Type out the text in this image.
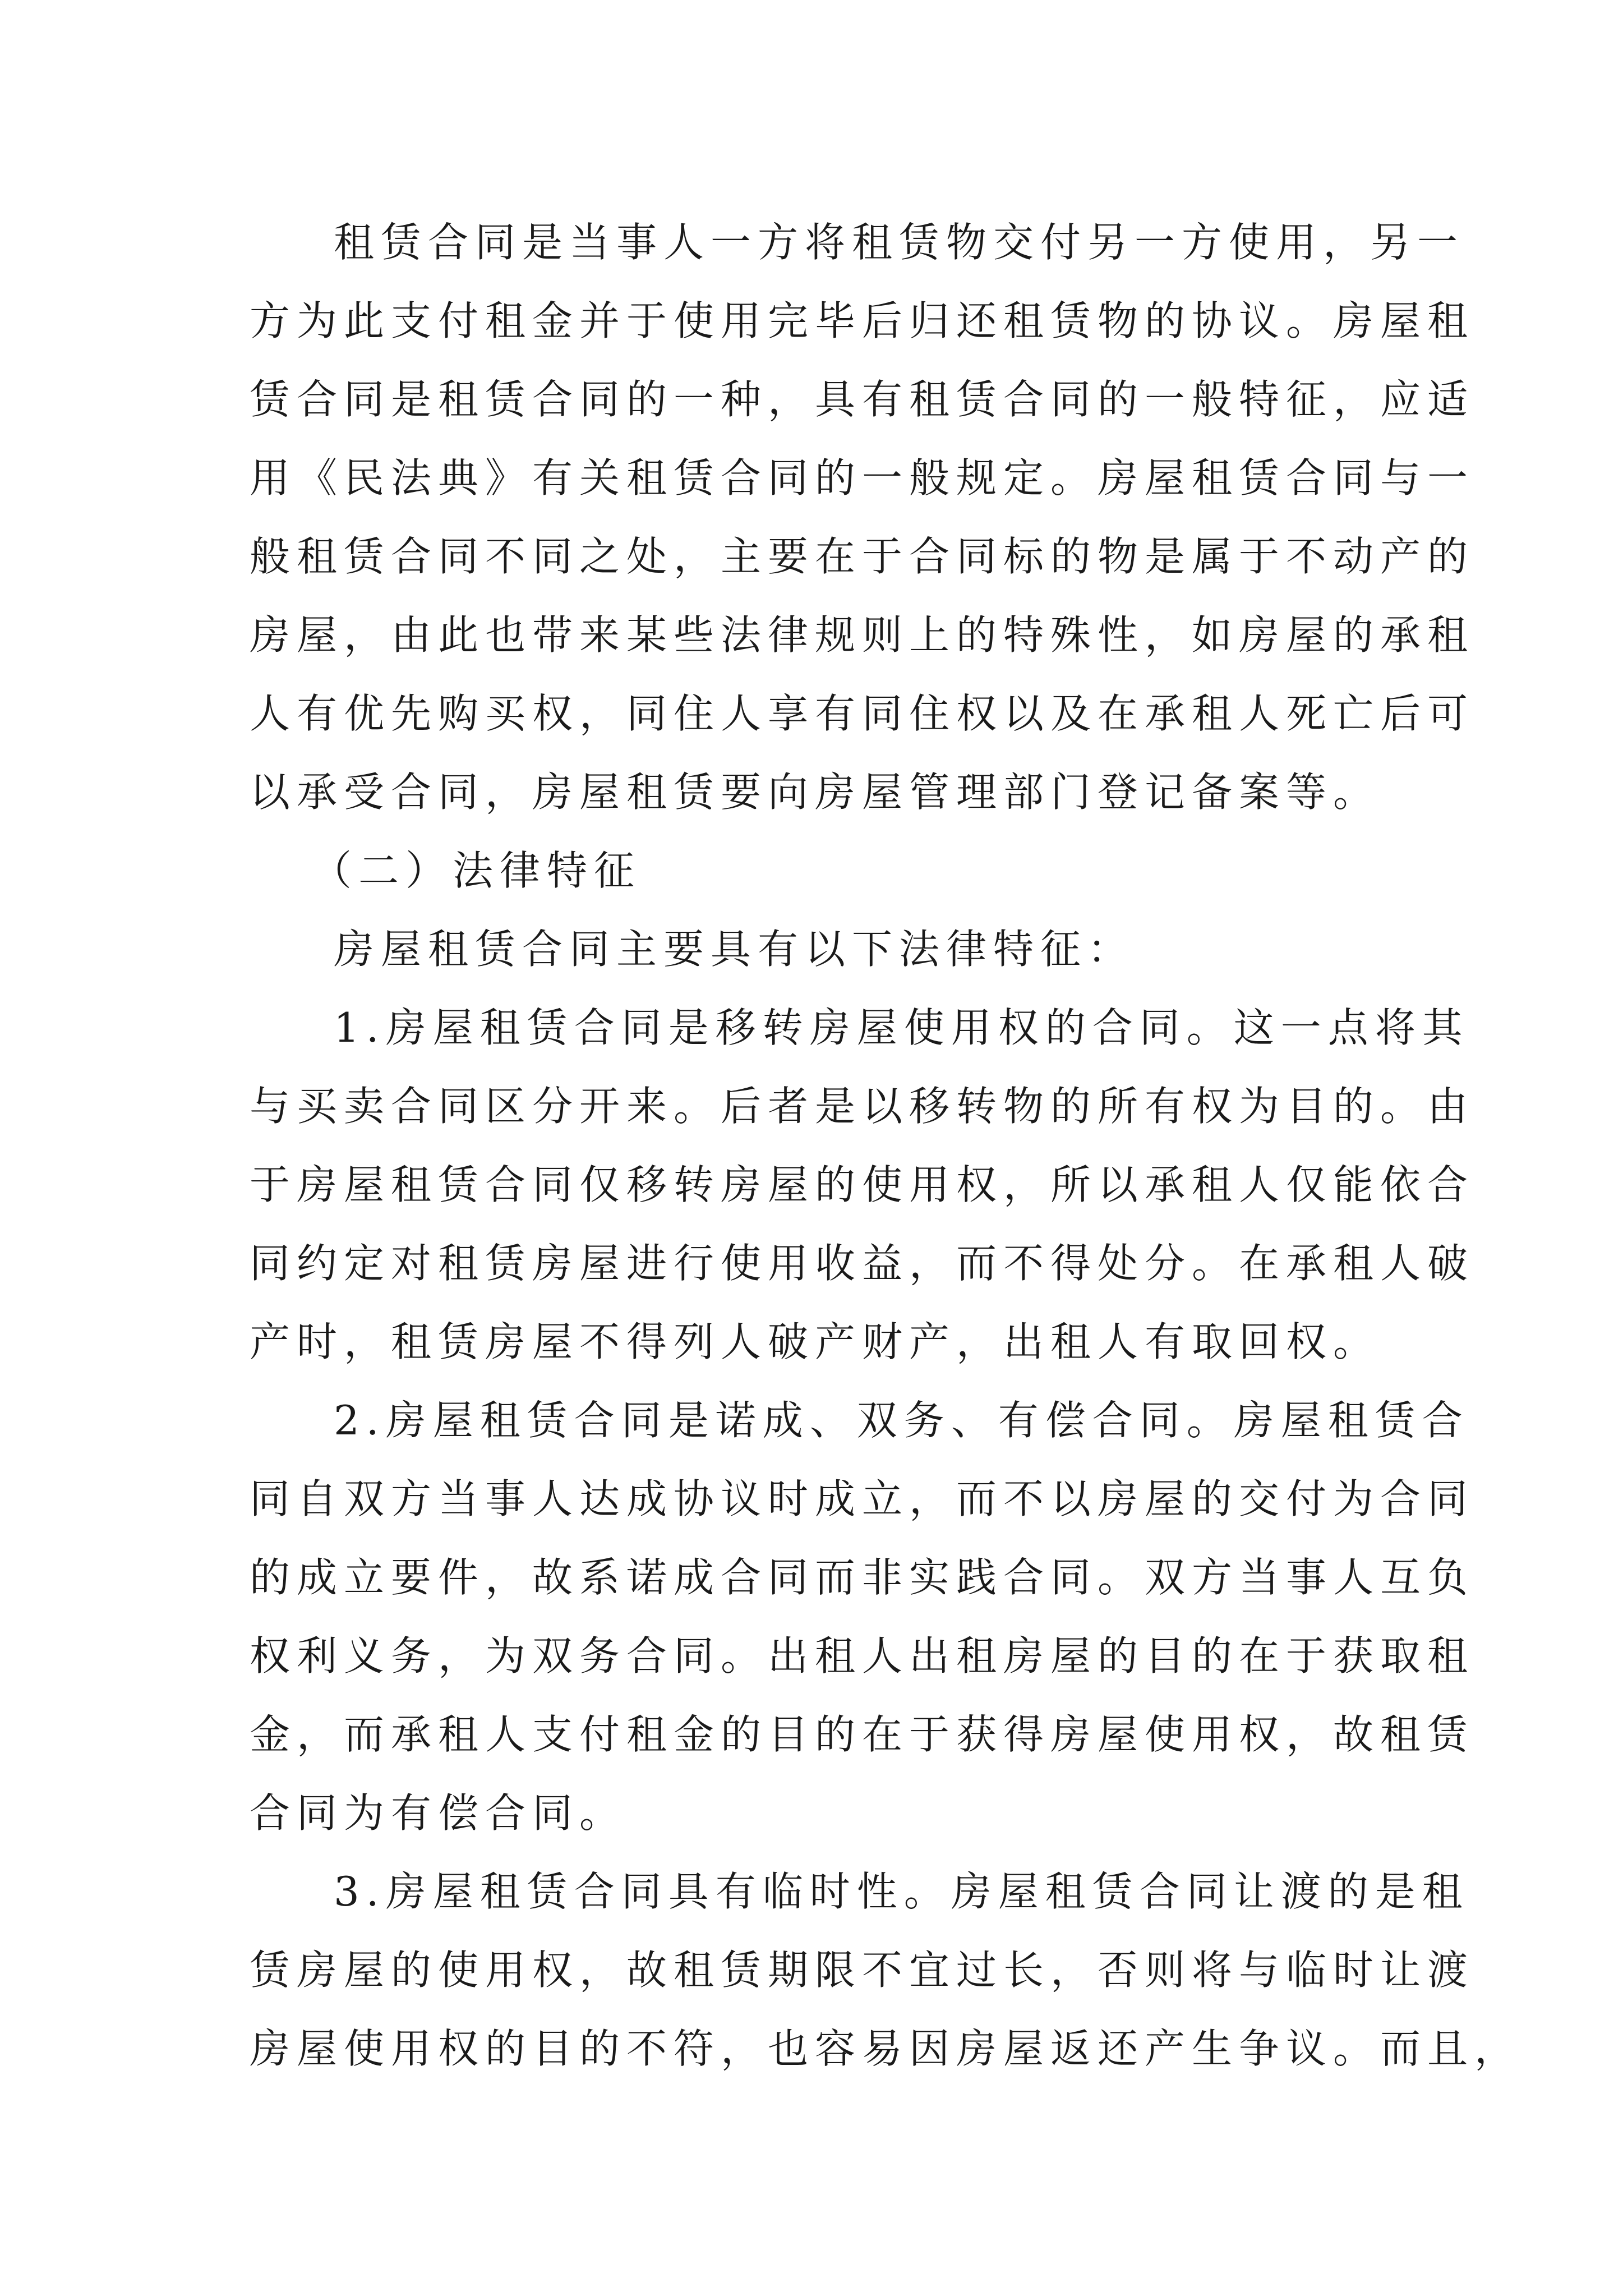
租赁合同是当事人一方将租赁物交付另一方使用，另一
方为此支付租金并于使用完毕后归还租赁物的协议。房屋租
赁合同是租赁合同的一种，具有租赁合同的一般特征，应适
用《民法典》有关租赁合同的一般规定。房屋租赁合同与一
般租赁合同不同之处，主要在于合同标的物是属于不动产的
房屋，由此也带来某些法律规则上的特殊性，如房屋的承租
人有优先购买权，同住人享有同住权以及在承租人死亡后可
以承受合同，房屋租赁要向房屋管理部门登记备案等。
（二）法律特征
房屋租赁合同主要具有以下法律特征：
1.房屋租赁合同是移转房屋使用权的合同。这一点将其
与买卖合同区分开来。后者是以移转物的所有权为目的。由
于房屋租赁合同仅移转房屋的使用权，所以承租人仅能依合
同约定对租赁房屋进行使用收益，而不得处分。在承租人破
产时，租赁房屋不得列人破产财产，出租人有取回权。
2.房屋租赁合同是诺成、双务、有偿合同。房屋租赁合
同自双方当事人达成协议时成立，而不以房屋的交付为合同
的成立要件，故系诺成合同而非实践合同。双方当事人互负
权利义务，为双务合同。出租人出租房屋的目的在于获取租
金，而承租人支付租金的目的在于获得房屋使用权，故租赁
合同为有偿合同。
3.房屋租赁合同具有临时性。房屋租赁合同让渡的是租
赁房屋的使用权，故租赁期限不宜过长，否则将与临时让渡
房屋使用权的目的不符，也容易因房屋返还产生争议。而且，
